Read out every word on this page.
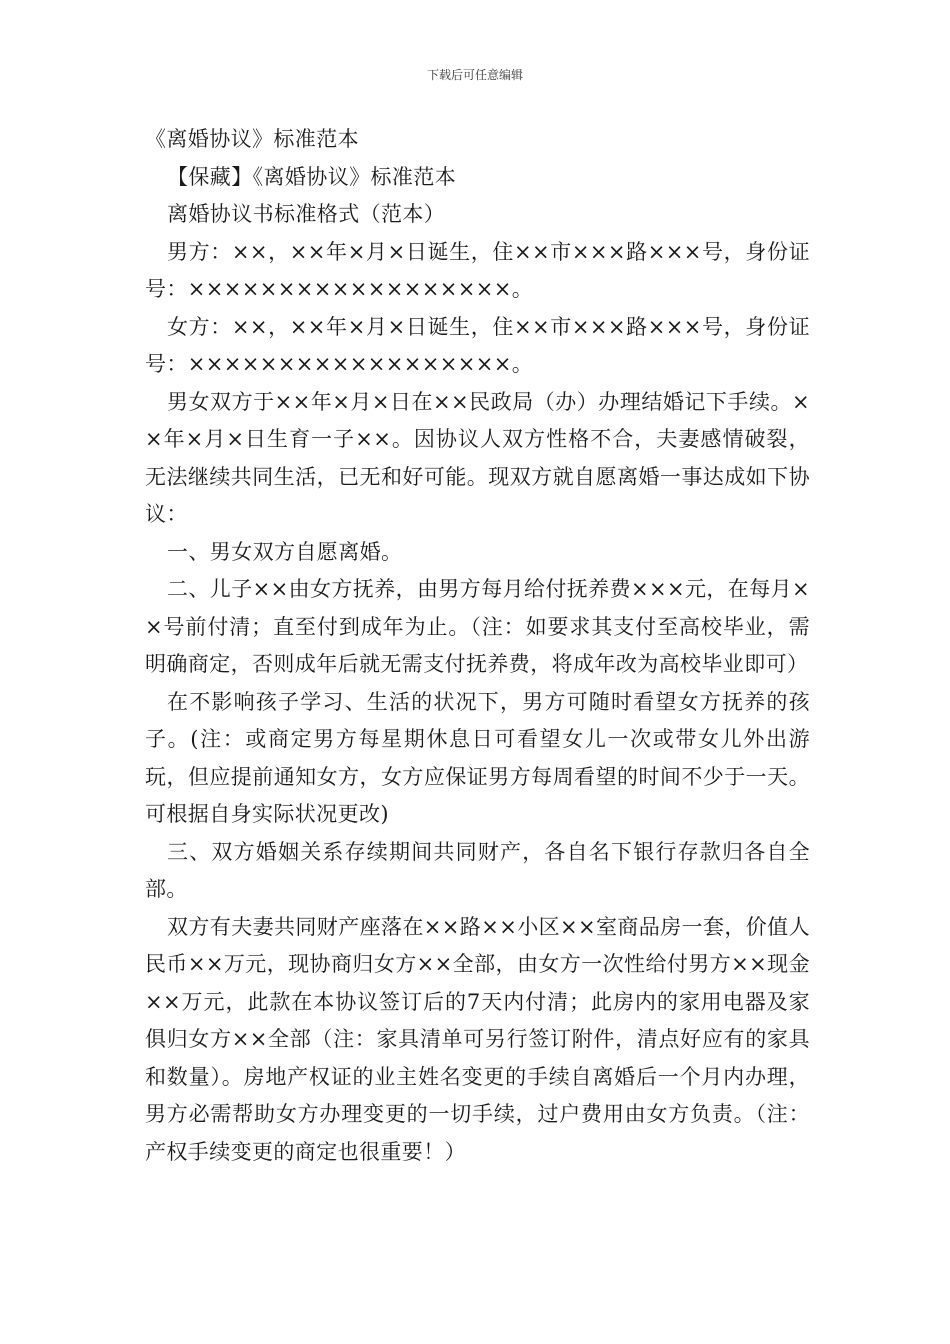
下载后可任意编辑

《离婚协议》标准范本

【保藏】《离婚协议》标准范本

离婚协议书标准格式（范本）

男方：××，××年×月×日诞生，住××市×××路×××号，身份证号：××××××××××××××××××。

女方：××，××年×月×日诞生，住××市×××路×××号，身份证号：××××××××××××××××××。

男女双方于××年×月×日在××民政局（办）办理结婚记下手续。××年×月×日生育一子××。因协议人双方性格不合，夫妻感情破裂，无法继续共同生活，已无和好可能。现双方就自愿离婚一事达成如下协议：

一、男女双方自愿离婚。

二、儿子××由女方抚养，由男方每月给付抚养费×××元，在每月××号前付清；直至付到成年为止。（注：如要求其支付至高校毕业，需明确商定，否则成年后就无需支付抚养费，将成年改为高校毕业即可）

在不影响孩子学习、生活的状况下，男方可随时看望女方抚养的孩子。(注：或商定男方每星期休息日可看望女儿一次或带女儿外出游玩，但应提前通知女方，女方应保证男方每周看望的时间不少于一天。可根据自身实际状况更改)

三、双方婚姻关系存续期间共同财产，各自名下银行存款归各自全部。

双方有夫妻共同财产座落在××路××小区××室商品房一套，价值人民币××万元，现协商归女方××全部，由女方一次性给付男方××现金××万元，此款在本协议签订后的7天内付清；此房内的家用电器及家俱归女方××全部（注：家具清单可另行签订附件，清点好应有的家具和数量）。房地产权证的业主姓名变更的手续自离婚后一个月内办理，男方必需帮助女方办理变更的一切手续，过户费用由女方负责。（注：产权手续变更的商定也很重要！）
